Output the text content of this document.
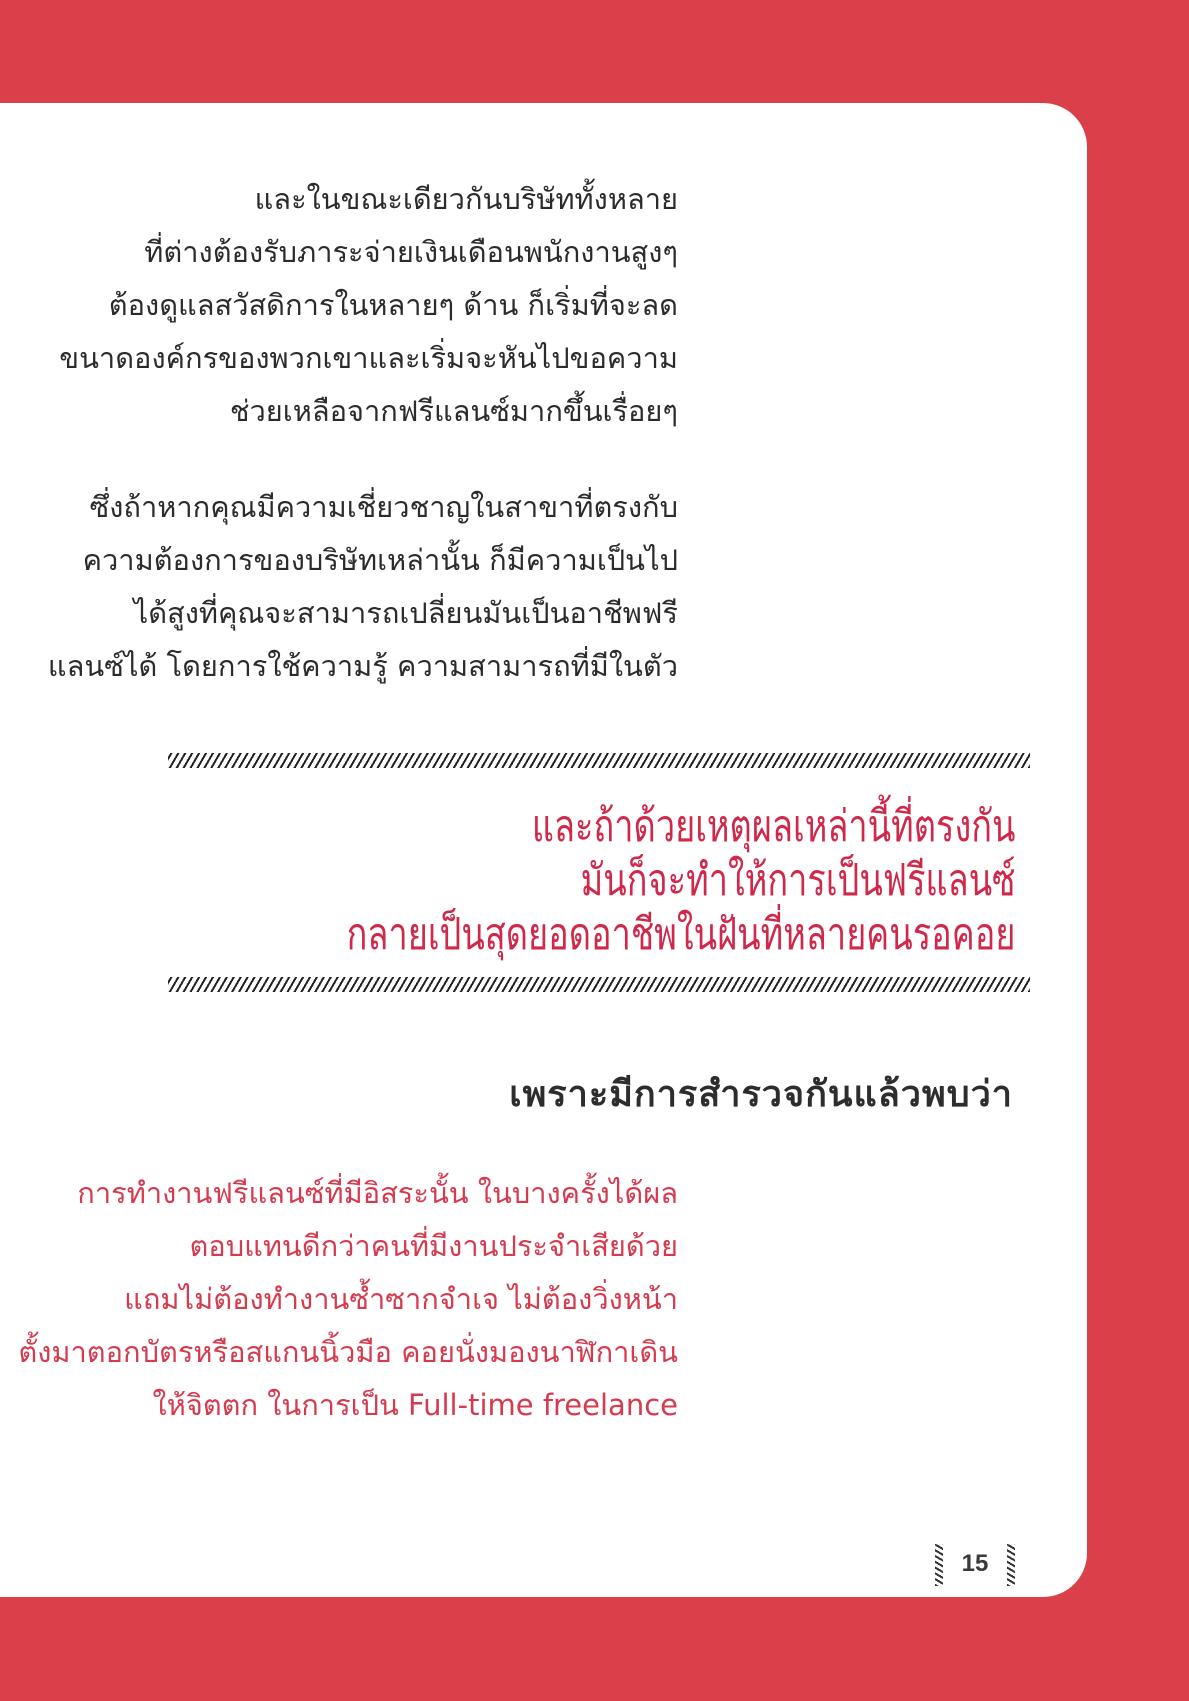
และในขณะเดียวกันบริษัททั้งหลาย
ที่ต่างต้องรับภาระจ่ายเงินเดือนพนักงานสูงๆ
ต้องดูแลสวัสดิการในหลายๆ ด้าน ก็เริ่มที่จะลด
ขนาดองค์กรของพวกเขาและเริ่มจะหันไปขอความ
ช่วยเหลือจากฟรีแลนซ์มากขึ้นเรื่อยๆ

ซึ่งถ้าหากคุณมีความเชี่ยวชาญในสาขาที่ตรงกับ
ความต้องการของบริษัทเหล่านั้น ก็มีความเป็นไป
ได้สูงที่คุณจะสามารถเปลี่ยนมันเป็นอาชีพฟรี
แลนซ์ได้ โดยการใช้ความรู้ ความสามารถที่มีในตัว

และถ้าด้วยเหตุผลเหล่านี้ที่ตรงกัน
มันก็จะทำให้การเป็นฟรีแลนซ์
กลายเป็นสุดยอดอาชีพในฝันที่หลายคนรอคอย

เพราะมีการสำรวจกันแล้วพบว่า

การทำงานฟรีแลนซ์ที่มีอิสระนั้น ในบางครั้งได้ผล
ตอบแทนดีกว่าคนที่มีงานประจำเสียด้วย
แถมไม่ต้องทำงานซ้ำซากจำเจ ไม่ต้องวิ่งหน้า
ตั้งมาตอกบัตรหรือสแกนนิ้วมือ คอยนั่งมองนาฬิกาเดิน
ให้จิตตก ในการเป็น Full-time freelance

15
